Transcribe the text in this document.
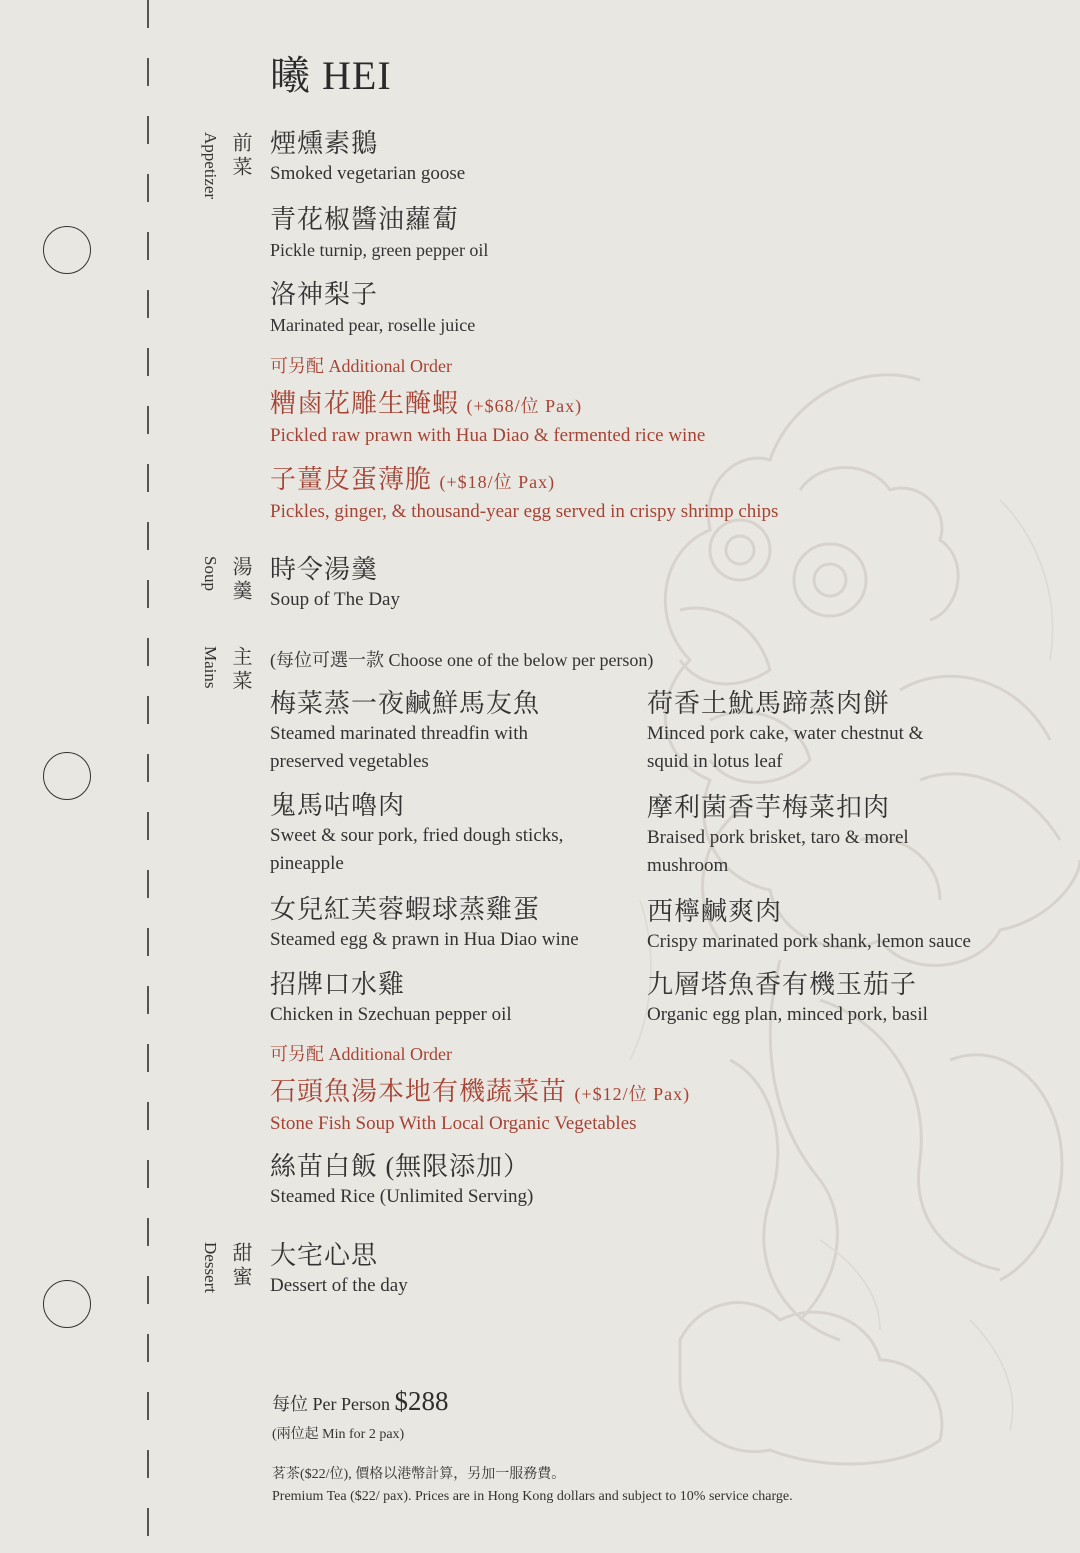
曦 HEI
前菜
Appetizer 煙燻素鵝
Smoked vegetarian goose
青花椒醬油蘿蔔
Pickle turnip, green pepper oil
洛神梨子
Marinated pear, roselle juice
可另配 Additional Order
糟鹵花雕生醃蝦 (+$68/位 Pax)
Pickled raw prawn with Hua Diao & fermented rice wine
子薑皮蛋薄脆 (+$18/位 Pax)
Pickles, ginger, & thousand-year egg served in crispy shrimp chips
湯羹
Soup 時令湯羹
Soup of The Day
主菜
Mains	(每位可選一款 Choose one of the below per person)
梅菜蒸一夜鹹鮮馬友魚
Steamed marinated threadfin with
preserved vegetables
鬼馬咕嚕肉
Sweet & sour pork, fried dough sticks,
pineapple
女兒紅芙蓉蝦球蒸雞蛋
Steamed egg & prawn in Hua Diao wine
招牌口水雞
Chicken in Szechuan pepper oil
荷香土魷馬蹄蒸肉餅
Minced pork cake, water chestnut &
squid in lotus leaf
摩利菌香芋梅菜扣肉
Braised pork brisket, taro & morel
mushroom
西檸鹹爽肉
Crispy marinated pork shank, lemon sauce
九層塔魚香有機玉茄子
Organic egg plan, minced pork, basil
可另配 Additional Order
石頭魚湯本地有機蔬菜苗 (+$12/位 Pax)
Stone Fish Soup With Local Organic Vegetables
絲苗白飯 (無限添加）
Steamed Rice (Unlimited Serving)
甜蜜
Dessert 大宅心思
Dessert of the day
每位 Per Person $288
(兩位起 Min for 2 pax)
茗茶($22/位), 價格以港幣計算，另加一服務費。
Premium Tea ($22/ pax). Prices are in Hong Kong dollars and subject to 10% service charge.
